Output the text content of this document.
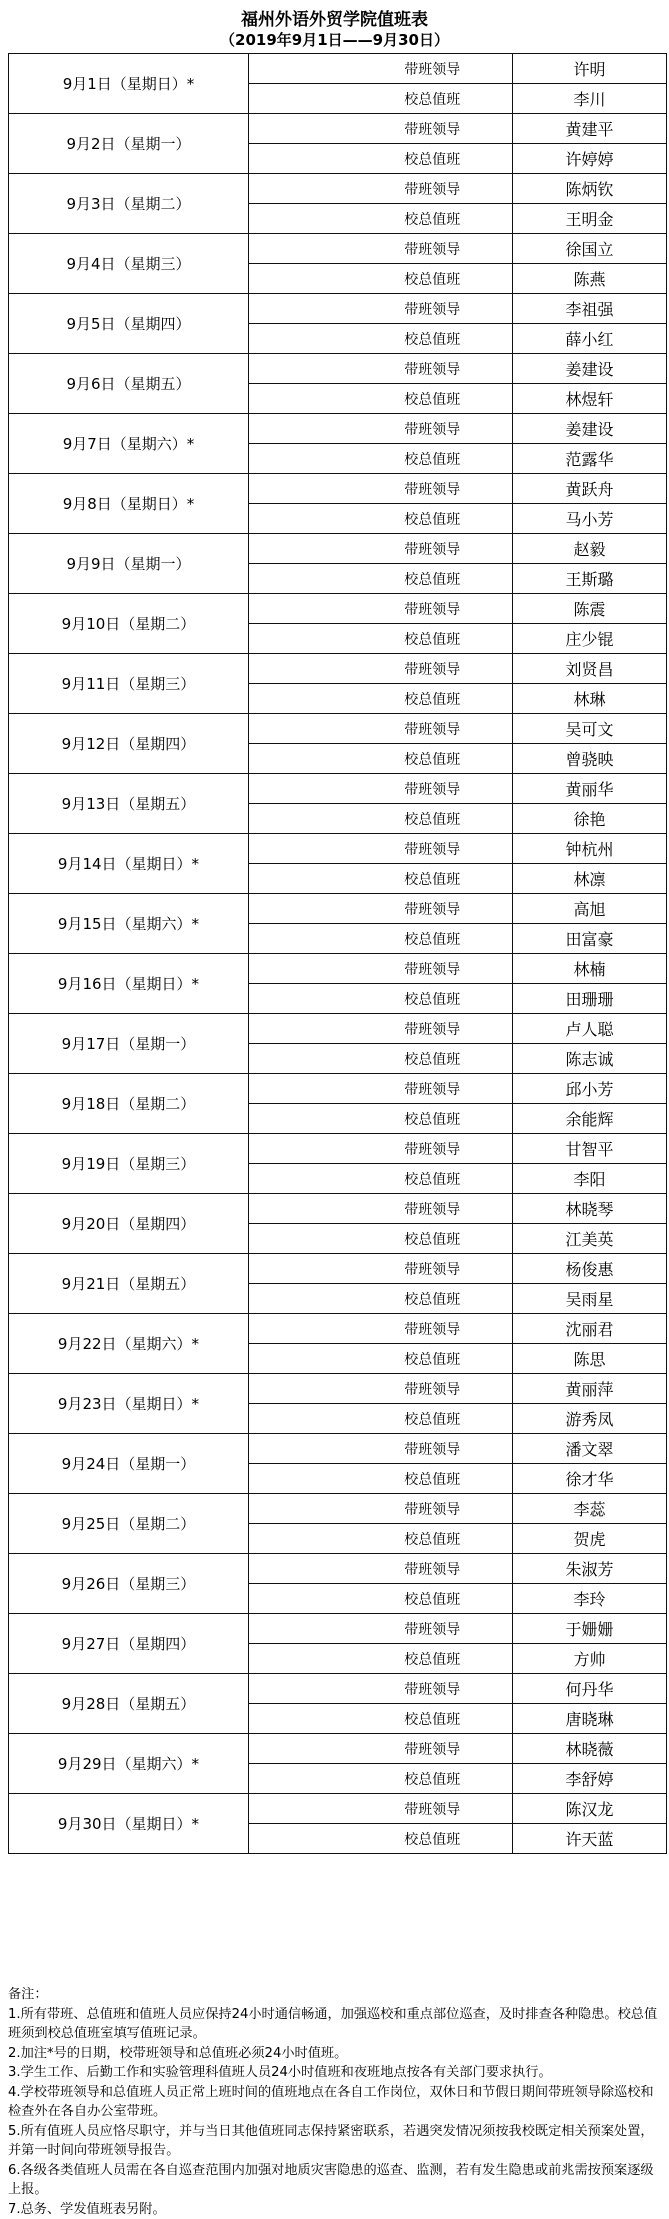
福州外语外贸学院值班表
（2019年9月1日——9月30日）
9月1日（星期日）*		带班领导	许明
		校总值班	李川
9月2日（星期一）		带班领导	黄建平
		校总值班	许婷婷
9月3日（星期二）		带班领导	陈炳钦
		校总值班	王明金
9月4日（星期三）		带班领导	徐国立
		校总值班	陈燕
9月5日（星期四）		带班领导	李祖强
		校总值班	薛小红
9月6日（星期五）		带班领导	姜建设
		校总值班	林煜轩
9月7日（星期六）*		带班领导	姜建设
		校总值班	范露华
9月8日（星期日）*		带班领导	黄跃舟
		校总值班	马小芳
9月9日（星期一）		带班领导	赵毅
		校总值班	王斯璐
9月10日（星期二）		带班领导	陈震
		校总值班	庄少锟
9月11日（星期三）		带班领导	刘贤昌
		校总值班	林琳
9月12日（星期四）		带班领导	吴可文
		校总值班	曾骁映
9月13日（星期五）		带班领导	黄丽华
		校总值班	徐艳
9月14日（星期日）*		带班领导	钟杭州
		校总值班	林凛
9月15日（星期六）*		带班领导	高旭
		校总值班	田富豪
9月16日（星期日）*		带班领导	林楠
		校总值班	田珊珊
9月17日（星期一）		带班领导	卢人聪
		校总值班	陈志诚
9月18日（星期二）		带班领导	邱小芳
		校总值班	余能辉
9月19日（星期三）		带班领导	甘智平
		校总值班	李阳
9月20日（星期四）		带班领导	林晓琴
		校总值班	江美英
9月21日（星期五）		带班领导	杨俊惠
		校总值班	吴雨星
9月22日（星期六）*		带班领导	沈丽君
		校总值班	陈思
9月23日（星期日）*		带班领导	黄丽萍
		校总值班	游秀凤
9月24日（星期一）		带班领导	潘文翠
		校总值班	徐才华
9月25日（星期二）		带班领导	李蕊
		校总值班	贺虎
9月26日（星期三）		带班领导	朱淑芳
		校总值班	李玲
9月27日（星期四）		带班领导	于姗姗
		校总值班	方帅
9月28日（星期五）		带班领导	何丹华
		校总值班	唐晓琳
9月29日（星期六）*		带班领导	林晓薇
		校总值班	李舒婷
9月30日（星期日）*		带班领导	陈汉龙
		校总值班	许天蓝
备注：
1.所有带班、总值班和值班人员应保持24小时通信畅通，加强巡校和重点部位巡查，及时排查各种隐患。校总值班须到校总值班室填写值班记录。
2.加注*号的日期，校带班领导和总值班必须24小时值班。
3.学生工作、后勤工作和实验管理科值班人员24小时值班和夜班地点按各有关部门要求执行。
4.学校带班领导和总值班人员正常上班时间的值班地点在各自工作岗位，双休日和节假日期间带班领导除巡校和检查外在各自办公室带班。
5.所有值班人员应恪尽职守，并与当日其他值班同志保持紧密联系，若遇突发情况须按我校既定相关预案处置，并第一时间向带班领导报告。
6.各级各类值班人员需在各自巡查范围内加强对地质灾害隐患的巡查、监测，若有发生隐患或前兆需按预案逐级上报。
7.总务、学发值班表另附。
